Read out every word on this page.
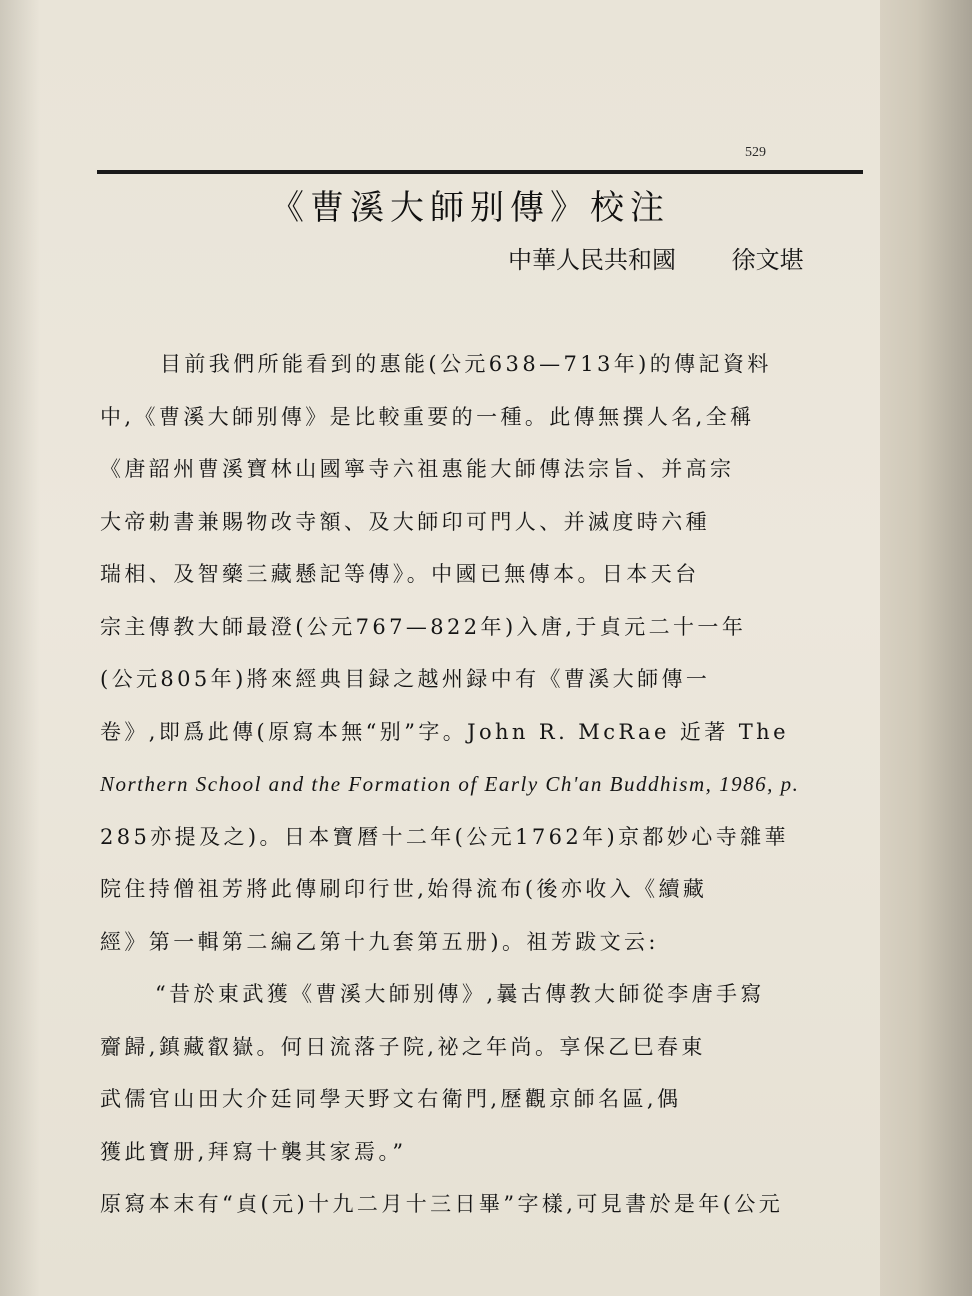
529
《曹溪大師别傳》校注
中華人民共和國 徐文堪
目前我們所能看到的惠能(公元638—713年)的傳記資料
中,《曹溪大師别傳》是比較重要的一種。此傳無撰人名,全稱
《唐韶州曹溪寶林山國寧寺六祖惠能大師傳法宗旨、并高宗
大帝勅書兼賜物改寺額、及大師印可門人、并滅度時六種
瑞相、及智藥三藏懸記等傳》。中國已無傳本。日本天台
宗主傳教大師最澄(公元767—822年)入唐,于貞元二十一年
(公元805年)將來經典目録之越州録中有《曹溪大師傳一
卷》,即爲此傳(原寫本無“别”字。John R. McRae 近著 The
Northern School and the Formation of Early Ch'an Buddhism, 1986, p.
285亦提及之)。日本寶曆十二年(公元1762年)京都妙心寺雜華
院住持僧祖芳將此傳刷印行世,始得流布(後亦收入《續藏
經》第一輯第二編乙第十九套第五册)。祖芳跋文云:
“昔於東武獲《曹溪大師别傳》,曩古傳教大師從李唐手寫
齎歸,鎮藏叡嶽。何日流落子院,祕之年尚。享保乙巳春東
武儒官山田大介廷同學天野文右衛門,歷觀京師名區,偶
獲此寶册,拜寫十襲其家焉。”
原寫本末有“貞(元)十九二月十三日畢”字樣,可見書於是年(公元
